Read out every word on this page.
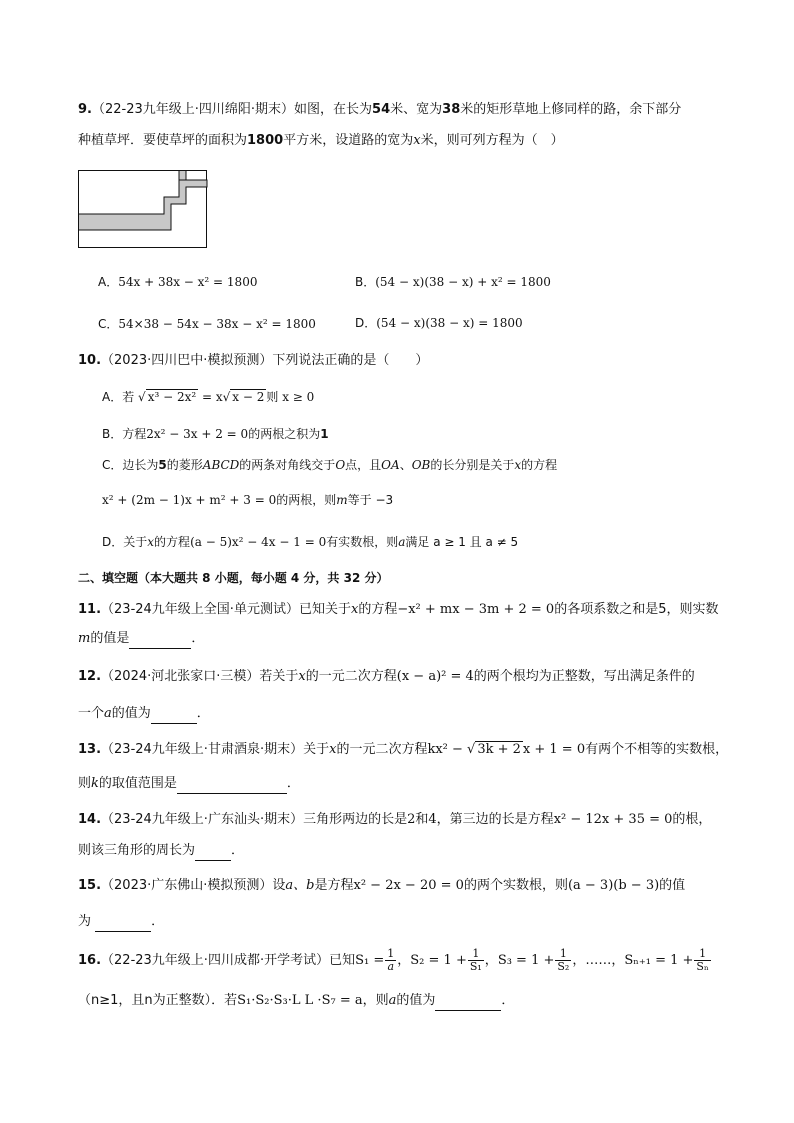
9.（22-23九年级上·四川绵阳·期末）如图，在长为54米、宽为38米的矩形草地上修同样的路，余下部分
种植草坪．要使草坪的面积为1800平方米，设道路的宽为x米，则可列方程为（　）
A．54x + 38x − x² = 1800	B．(54 − x)(38 − x) + x² = 1800
C．54×38 − 54x − 38x − x² = 1800	D．(54 − x)(38 − x) = 1800
10.（2023·四川巴中·模拟预测）下列说法正确的是（　　）
A．若 √ x³ − 2x² = x√ x − 2 则 x ≥ 0
B．方程2x² − 3x + 2 = 0的两根之积为1
C．边长为5的菱形ABCD的两条对角线交于O点，且OA、OB的长分别是关于x的方程
x² + (2m − 1)x + m² + 3 = 0的两根，则m等于 −3
D．关于x的方程(a − 5)x² − 4x − 1 = 0有实数根，则a满足 a ≥ 1 且 a ≠ 5
二、填空题（本大题共 8 小题，每小题 4 分，共 32 分）
11.（23-24九年级上全国·单元测试）已知关于x的方程−x² + mx − 3m + 2 = 0的各项系数之和是5，则实数
m的值是	．
12.（2024·河北张家口·三模）若关于x的一元二次方程(x − a)² = 4的两个根均为正整数，写出满足条件的
一个a的值为	．
13.（23-24九年级上·甘肃酒泉·期末）关于x的一元二次方程kx² − √ 3k + 2 x + 1 = 0有两个不相等的实数根，
则k的取值范围是	．
14.（23-24九年级上·广东汕头·期末）三角形两边的长是2和4，第三边的长是方程x² − 12x + 35 = 0的根，
则该三角形的周长为	．
15.（2023·广东佛山·模拟预测）设a、b是方程x² − 2x − 20 = 0的两个实数根，则(a − 3)(b − 3)的值
为	．
16.（22-23九年级上·四川成都·开学考试）已知$S_1 = \frac{1}{a}$ ，$S_2 = 1 + \frac{1}{\text{S₁}}$ ，$S_3 = 1 + \frac{1}{\text{S₂}}$ ，……，$S_{n+1} = 1 + \frac{1}{\text{Sₙ}}$
（n≥1，且n为正整数）．若S₁·S₂·S₃·L L ·S₇ = a，则a的值为	．
